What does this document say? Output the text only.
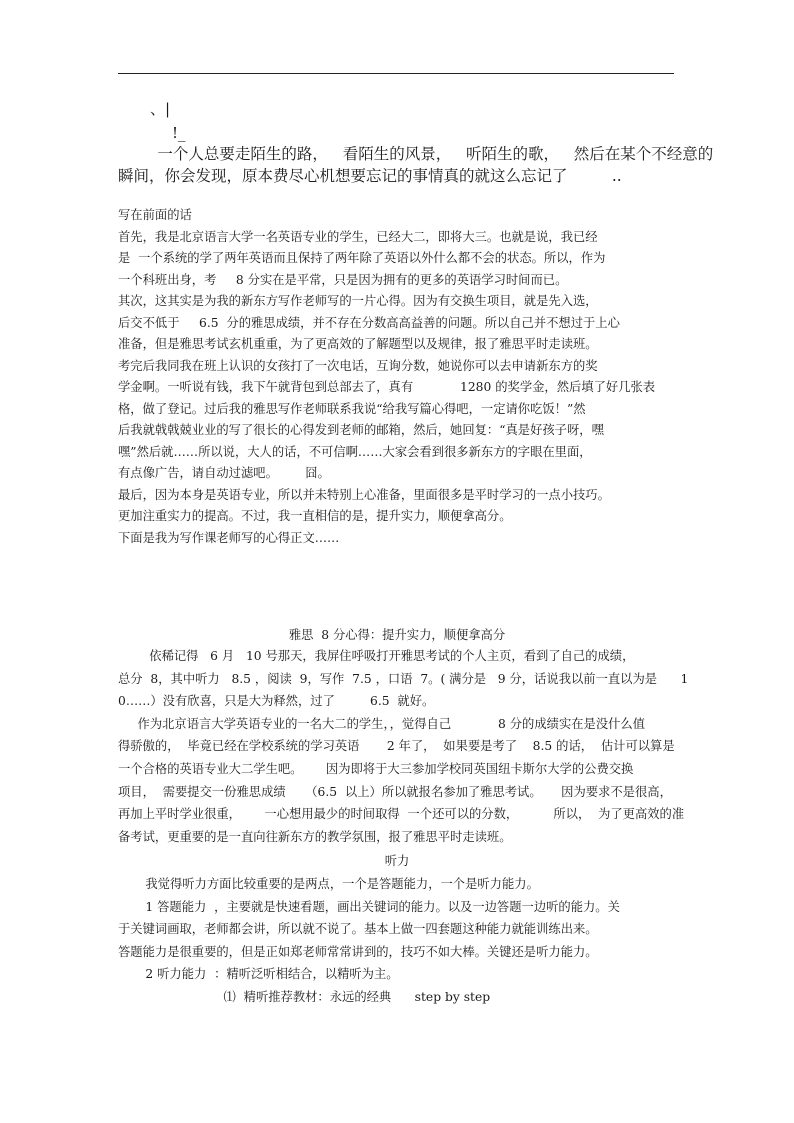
、|
!_
一个人总要走陌生的路，   看陌生的风景，   听陌生的歌，   然后在某个不经意的
瞬间，你会发现，原本费尽心机想要忘记的事情真的就这么忘记了         ..
写在前面的话
首先，我是北京语言大学一名英语专业的学生，已经大二，即将大三。也就是说，我已经
是  一个系统的学了两年英语而且保持了两年除了英语以外什么都不会的状态。所以，作为
一个科班出身，考     8 分实在是平常，只是因为拥有的更多的英语学习时间而已。
其次，这其实是为我的新东方写作老师写的一片心得。因为有交换生项目，就是先入选，
后交不低于     6.5  分的雅思成绩，并不存在分数高高益善的问题。所以自己并不想过于上心
准备，但是雅思考试玄机重重，为了更高效的了解题型以及规律，报了雅思平时走读班。
考完后我同我在班上认识的女孩打了一次电话，互询分数，她说你可以去申请新东方的奖
学金啊。一听说有钱，我下午就背包到总部去了，真有            1280 的奖学金，然后填了好几张表
格，做了登记。过后我的雅思写作老师联系我说“给我写篇心得吧，一定请你吃饭！”然
后我就戟戟兢业业的写了很长的心得发到老师的邮箱，然后，她回复：“真是好孩子呀，嘿
嘿”然后就……所以说，大人的话，不可信啊……大家会看到很多新东方的字眼在里面，
有点像广告，请自动过滤吧。       囧。
最后，因为本身是英语专业，所以并未特别上心准备，里面很多是平时学习的一点小技巧。
更加注重实力的提高。不过，我一直相信的是，提升实力，顺便拿高分。
下面是我为写作课老师写的心得正文……
雅思  8 分心得：提升实力，顺便拿高分
依稀记得   6 月   10 号那天，我屏住呼吸打开雅思考试的个人主页，看到了自己的成绩，
总分  8，其中听力   8.5 ，阅读  9，写作  7.5 ，口语  7。( 满分是   9 分，话说我以前一直以为是      1
0……）没有欣喜，只是大为释然，过了         6.5  就好。
作为北京语言大学英语专业的一名大二的学生，，觉得自己            8 分的成绩实在是没什么值
得骄傲的，  毕竟已经在学校系统的学习英语       2 年了，  如果要是考了    8.5 的话，  估计可以算是
一个合格的英语专业大二学生吧。      因为即将于大三参加学校同英国纽卡斯尔大学的公费交换
项目，  需要提交一份雅思成绩     （6.5  以上）所以就报名参加了雅思考试。     因为要求不是很高，
再加上平时学业很重，      一心想用最少的时间取得  一个还可以的分数，         所以，  为了更高效的准
备考试，更重要的是一直向往新东方的教学氛围，报了雅思平时走读班。
听力
我觉得听力方面比较重要的是两点，一个是答题能力，一个是听力能力。
1 答题能力  ，主要就是快速看题，画出关键词的能力。以及一边答题一边听的能力。关
于关键词画取，老师都会讲，所以就不说了。基本上做一四套题这种能力就能训练出来。
答题能力是很重要的，但是正如郑老师常常讲到的，技巧不如大棒。关键还是听力能力。
2 听力能力  ：精听泛听相结合，以精听为主。
⑴  精听推荐教材：永远的经典      step by step
